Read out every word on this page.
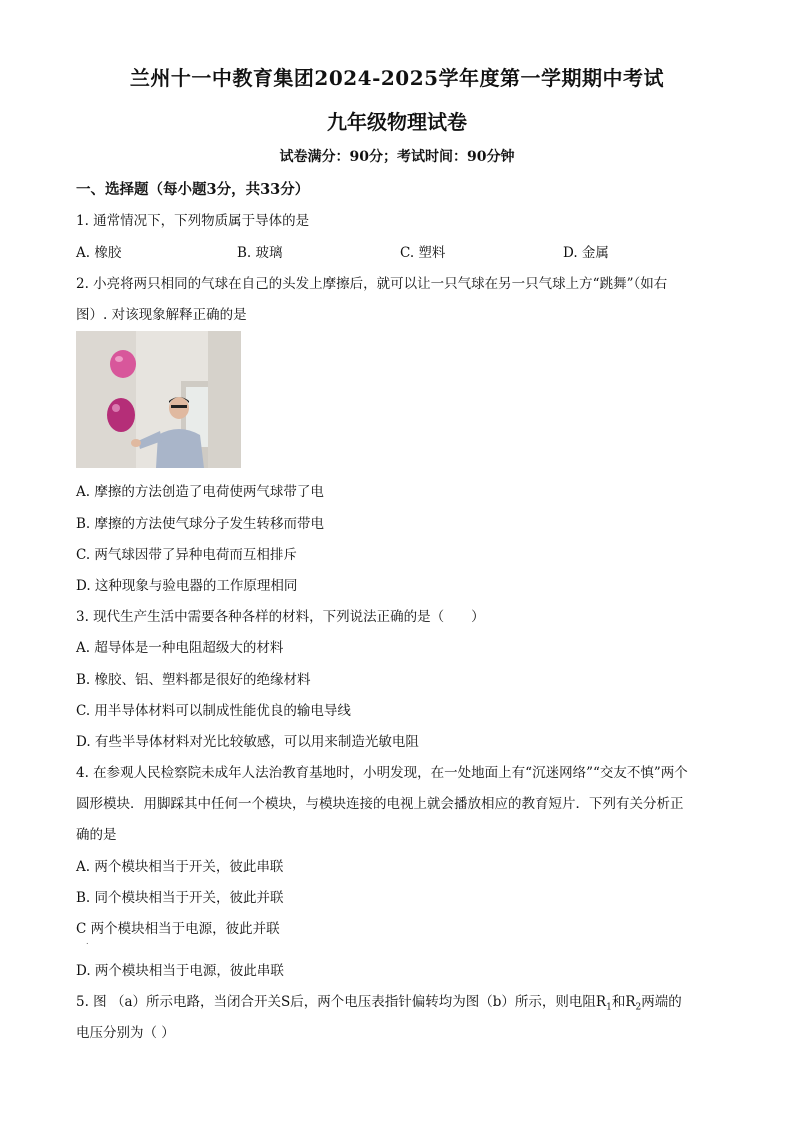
兰州十一中教育集团2024-2025学年度第一学期期中考试
九年级物理试卷
试卷满分：90分；考试时间：90分钟
一、选择题（每小题3分，共33分）
1. 通常情况下，下列物质属于导体的是
A. 橡胶	B. 玻璃	C. 塑料	D. 金属
2. 小亮将两只相同的气球在自己的头发上摩擦后，就可以让一只气球在另一只气球上方“跳舞”（如右
图）. 对该现象解释正确的是
A. 摩擦的方法创造了电荷使两气球带了电
B. 摩擦的方法使气球分子发生转移而带电
C. 两气球因带了异种电荷而互相排斥
D. 这种现象与验电器的工作原理相同
3. 现代生产生活中需要各种各样的材料，下列说法正确的是（　　）
A. 超导体是一种电阻超级大的材料
B. 橡胶、铝、塑料都是很好的绝缘材料
C. 用半导体材料可以制成性能优良的输电导线
D. 有些半导体材料对光比较敏感，可以用来制造光敏电阻
4. 在参观人民检察院未成年人法治教育基地时，小明发现，在一处地面上有“沉迷网络”“交友不慎”两个
圆形模块．用脚踩其中任何一个模块，与模块连接的电视上就会播放相应的教育短片．下列有关分析正
确的是
A. 两个模块相当于开关，彼此串联
B. 同个模块相当于开关，彼此并联
C 两个模块相当于电源，彼此并联
.
D. 两个模块相当于电源，彼此串联
5. 图 （a）所示电路，当闭合开关S后，两个电压表指针偏转均为图（b）所示，则电阻$R_1$和$R_2$两端的
电压分别为（ ）
